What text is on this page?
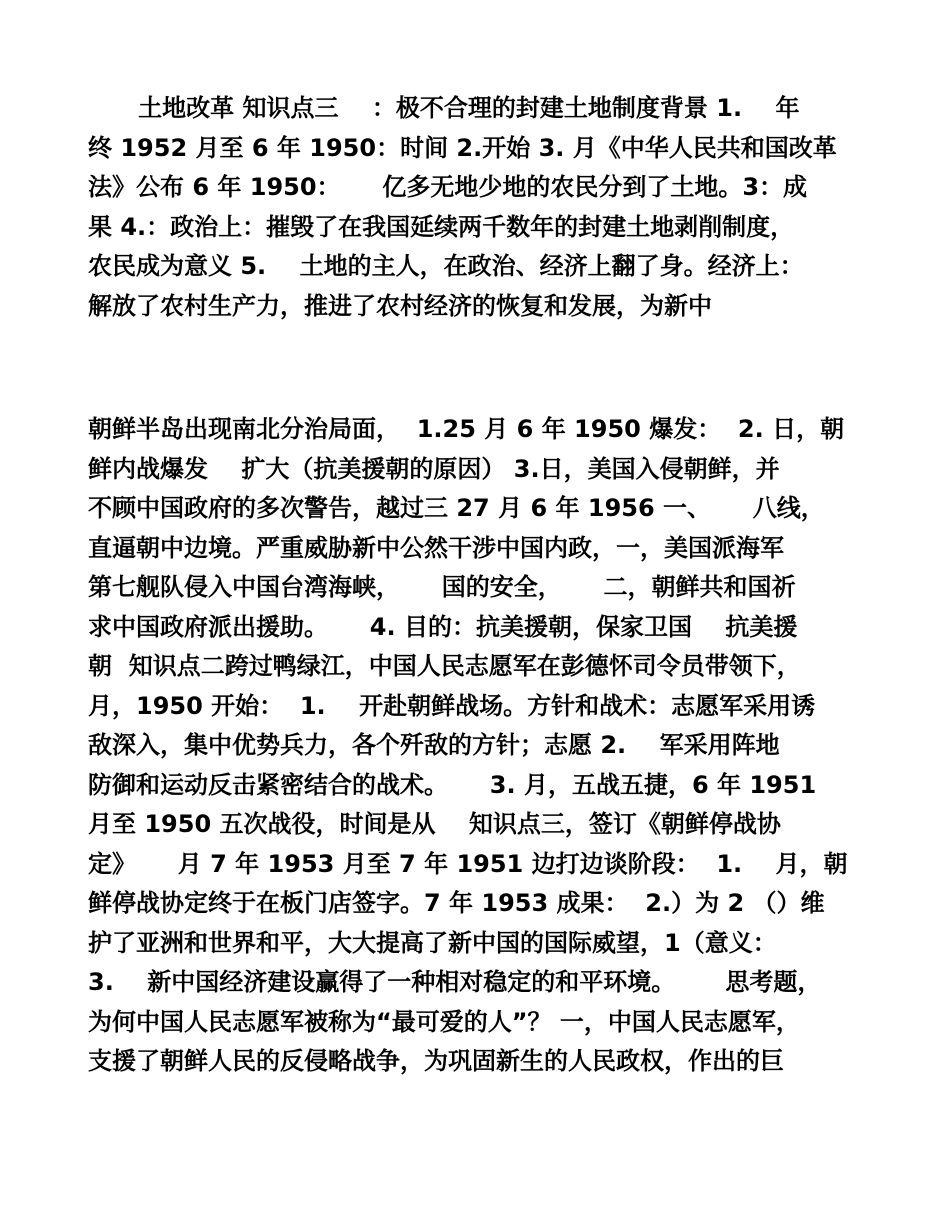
土地改革 知识点三    ：极不合理的封建土地制度背景 1.    年
终 1952 月至 6 年 1950：时间 2.开始 3. 月《中华人民共和国改革
法》公布 6 年 1950：     亿多无地少地的农民分到了土地。3：成
果 4.：政治上：摧毁了在我国延续两千数年的封建土地剥削制度，
农民成为意义 5.    土地的主人，在政治、经济上翻了身。经济上：
解放了农村生产力，推进了农村经济的恢复和发展，为新中

朝鲜半岛出现南北分治局面，  1.25 月 6 年 1950 爆发：  2. 日，朝
鲜内战爆发    扩大（抗美援朝的原因） 3.日，美国入侵朝鲜，并
不顾中国政府的多次警告，越过三 27 月 6 年 1956 一、     八线，
直逼朝中边境。严重威胁新中公然干涉中国内政，一，美国派海军
第七舰队侵入中国台湾海峡，     国的安全，     二，朝鲜共和国祈
求中国政府派出援助。     4. 目的：抗美援朝，保家卫国    抗美援
朝  知识点二跨过鸭绿江，中国人民志愿军在彭德怀司令员带领下，
月，1950 开始：  1.    开赴朝鲜战场。方针和战术：志愿军采用诱
敌深入，集中优势兵力，各个歼敌的方针；志愿 2.    军采用阵地
防御和运动反击紧密结合的战术。     3. 月，五战五捷，6 年 1951
月至 1950 五次战役，时间是从    知识点三，签订《朝鲜停战协
定》     月 7 年 1953 月至 7 年 1951 边打边谈阶段：  1.    月，朝
鲜停战协定终于在板门店签字。7 年 1953 成果：  2.）为 2 （）维
护了亚洲和世界和平，大大提高了新中国的国际威望，1（意义：
3.    新中国经济建设赢得了一种相对稳定的和平环境。      思考题，
为何中国人民志愿军被称为“最可爱的人”？ 一，中国人民志愿军，
支援了朝鲜人民的反侵略战争，为巩固新生的人民政权，作出的巨
